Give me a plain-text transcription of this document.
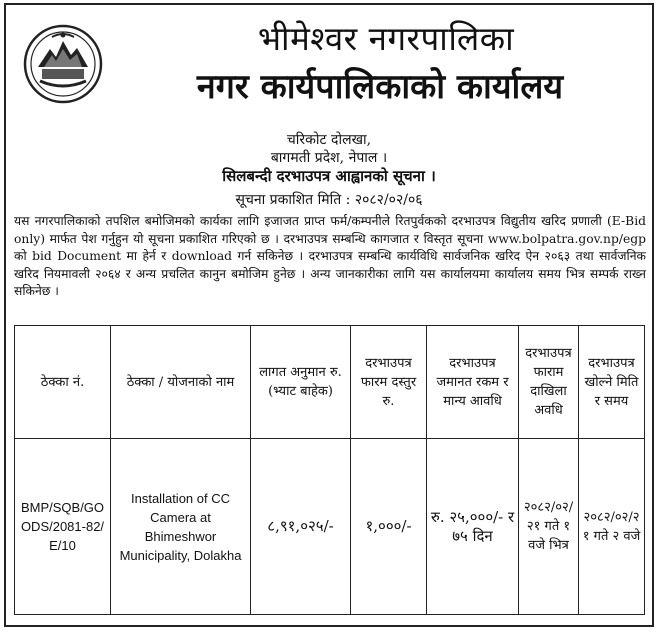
भीमेश्वर नगरपालिका
नगर कार्यपालिकाको कार्यालय
चरिकोट दोलखा,
बागमती प्रदेश, नेपाल ।
सिलबन्दी दरभाउपत्र आह्वानको सूचना ।
सूचना प्रकाशित मिति : २०८२/०२/०६
यस नगरपालिकाको तपशिल बमोजिमको कार्यका लागि इजाजत प्राप्त फर्म/कम्पनीले रितपुर्वकको दरभाउपत्र विद्युतीय खरिद प्रणाली (E-Bid only) मार्फत पेश गर्नुहुन यो सूचना प्रकाशित गरिएको छ । दरभाउपत्र सम्बन्धि कागजात र विस्तृत सूचना www.bolpatra.gov.np/egp को bid Document मा हेर्न र download गर्न सकिनेछ । दरभाउपत्र सम्बन्धि कार्यविधि सार्वजनिक खरिद ऐन २०६३ तथा सार्वजनिक खरिद नियमावली २०६४ र अन्य प्रचलित कानुन बमोजिम हुनेछ । अन्य जानकारीका लागि यस कार्यालयमा कार्यालय समय भित्र सम्पर्क राख्न सकिनेछ ।
ठेक्का नं.	ठेक्का / योजनाको नाम	लागत अनुमान रु. (भ्याट बाहेक)	दरभाउपत्र फारम दस्तुर रु.	दरभाउपत्र जमानत रकम र मान्य आवधि	दरभाउपत्र फाराम दाखिला अवधि	दरभाउपत्र खोल्ने मिति र समय
BMP/SQB/GOODS/2081-82/E/10	Installation of CC Camera at Bhimeshwor Municipality, Dolakha	८,९१,०२५/-	१,०००/-	रु. २५,०००/- र ७५ दिन	२०८२/०२/२१ गते १ वजे भित्र	२०८२/०२/२१ गते २ वजे
